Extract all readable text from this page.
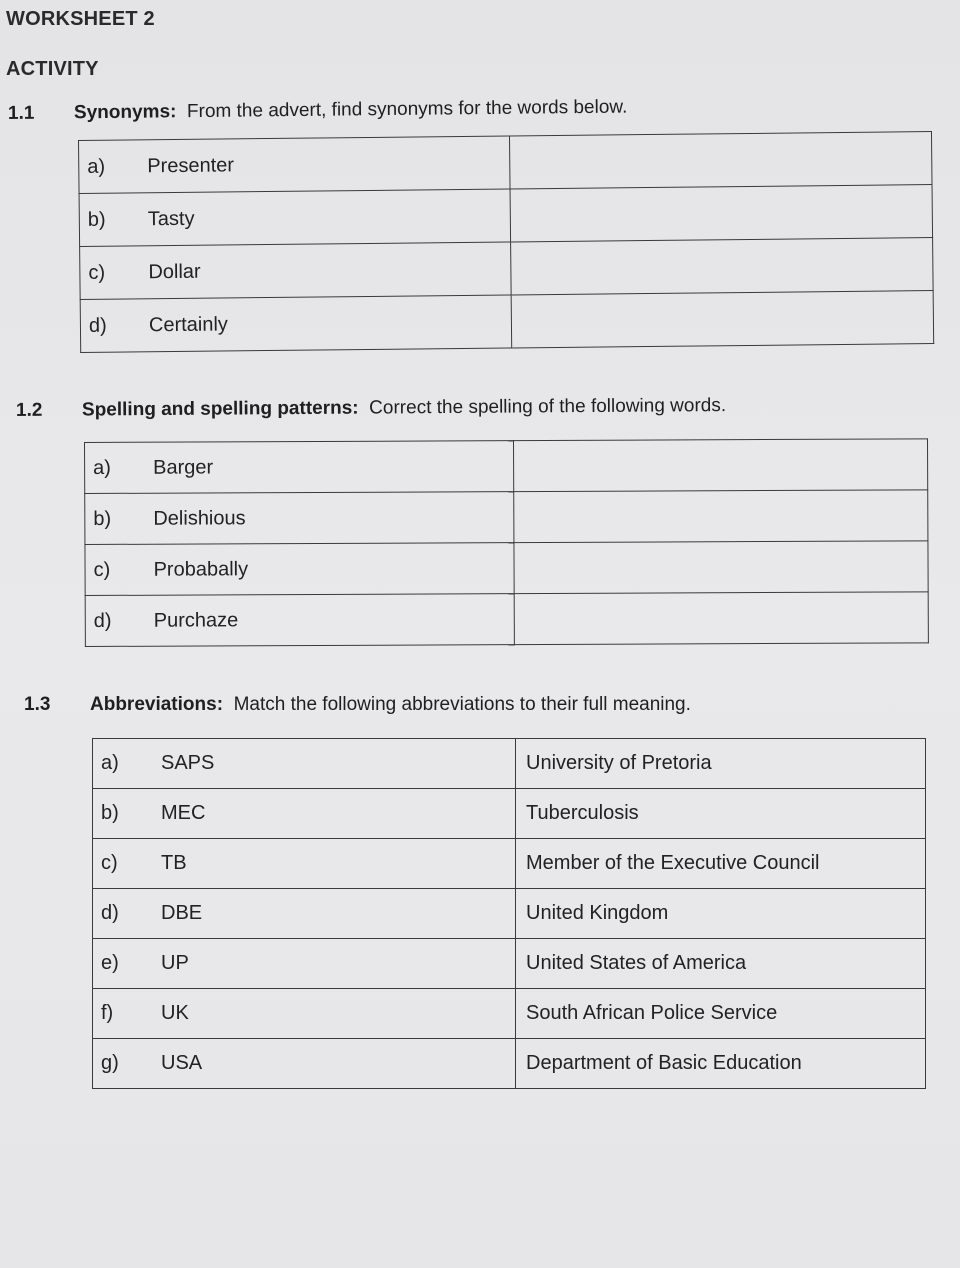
WORKSHEET 2
ACTIVITY
1.1 Synonyms: From the advert, find synonyms for the words below.
a) Presenter	
b) Tasty	
c) Dollar	
d) Certainly	
1.2 Spelling and spelling patterns: Correct the spelling of the following words.
a) Barger	
b) Delishious	
c) Probabally	
d) Purchaze	
1.3 Abbreviations: Match the following abbreviations to their full meaning.
a) SAPS	University of Pretoria
b) MEC	Tuberculosis
c) TB	Member of the Executive Council
d) DBE	United Kingdom
e) UP	United States of America
f) UK	South African Police Service
g) USA	Department of Basic Education
